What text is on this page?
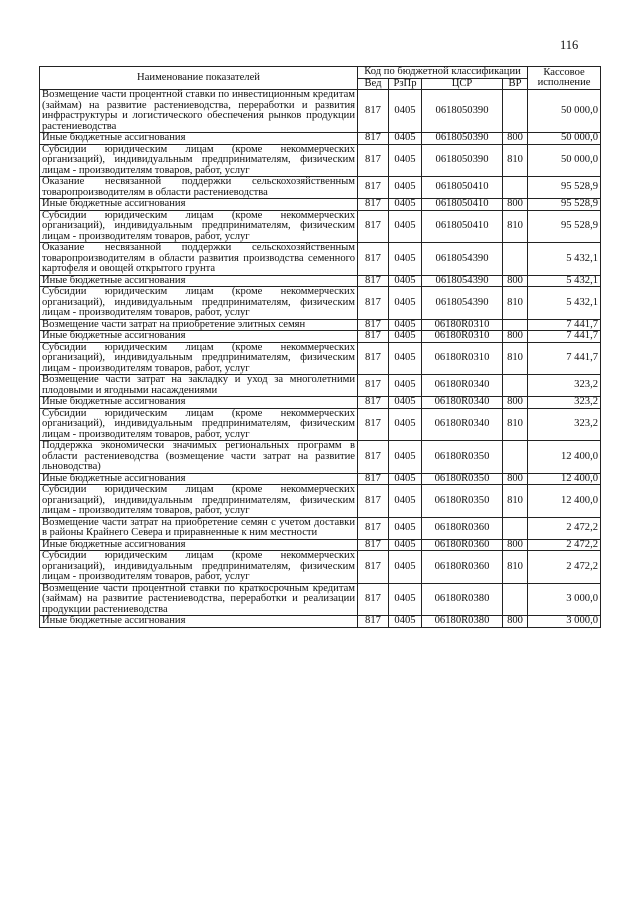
116
Наименование показателей	Код по бюджетной классификации				Кассовое исполнение
	Вед	РзПр	ЦСР	ВР	
Возмещение части процентной ставки по инвестиционным кредитам (займам) на развитие растениеводства, переработки и развития инфраструктуры и логистического обеспечения рынков продукции растениеводства	817	0405	0618050390		50 000,0
Иные бюджетные ассигнования	817	0405	0618050390	800	50 000,0
Субсидии юридическим лицам (кроме некоммерческих организаций), индивидуальным предпринимателям, физическим лицам - производителям товаров, работ, услуг	817	0405	0618050390	810	50 000,0
Оказание несвязанной поддержки сельскохозяйственным товаропроизводителям в области растениеводства	817	0405	0618050410		95 528,9
Иные бюджетные ассигнования	817	0405	0618050410	800	95 528,9
Субсидии юридическим лицам (кроме некоммерческих организаций), индивидуальным предпринимателям, физическим лицам - производителям товаров, работ, услуг	817	0405	0618050410	810	95 528,9
Оказание несвязанной поддержки сельскохозяйственным товаропроизводителям в области развития производства семенного картофеля и овощей открытого грунта	817	0405	0618054390		5 432,1
Иные бюджетные ассигнования	817	0405	0618054390	800	5 432,1
Субсидии юридическим лицам (кроме некоммерческих организаций), индивидуальным предпринимателям, физическим лицам - производителям товаров, работ, услуг	817	0405	0618054390	810	5 432,1
Возмещение части затрат на приобретение элитных семян	817	0405	06180R0310		7 441,7
Иные бюджетные ассигнования	817	0405	06180R0310	800	7 441,7
Субсидии юридическим лицам (кроме некоммерческих организаций), индивидуальным предпринимателям, физическим лицам - производителям товаров, работ, услуг	817	0405	06180R0310	810	7 441,7
Возмещение части затрат на закладку и уход за многолетними плодовыми и ягодными насаждениями	817	0405	06180R0340		323,2
Иные бюджетные ассигнования	817	0405	06180R0340	800	323,2
Субсидии юридическим лицам (кроме некоммерческих организаций), индивидуальным предпринимателям, физическим лицам - производителям товаров, работ, услуг	817	0405	06180R0340	810	323,2
Поддержка экономически значимых региональных программ в области растениеводства (возмещение части затрат на развитие льноводства)	817	0405	06180R0350		12 400,0
Иные бюджетные ассигнования	817	0405	06180R0350	800	12 400,0
Субсидии юридическим лицам (кроме некоммерческих организаций), индивидуальным предпринимателям, физическим лицам - производителям товаров, работ, услуг	817	0405	06180R0350	810	12 400,0
Возмещение части затрат на приобретение семян с учетом доставки в районы Крайнего Севера и приравненные к ним местности	817	0405	06180R0360		2 472,2
Иные бюджетные ассигнования	817	0405	06180R0360	800	2 472,2
Субсидии юридическим лицам (кроме некоммерческих организаций), индивидуальным предпринимателям, физическим лицам - производителям товаров, работ, услуг	817	0405	06180R0360	810	2 472,2
Возмещение части процентной ставки по краткосрочным кредитам (займам) на развитие растениеводства, переработки и реализации продукции растениеводства	817	0405	06180R0380		3 000,0
Иные бюджетные ассигнования	817	0405	06180R0380	800	3 000,0
